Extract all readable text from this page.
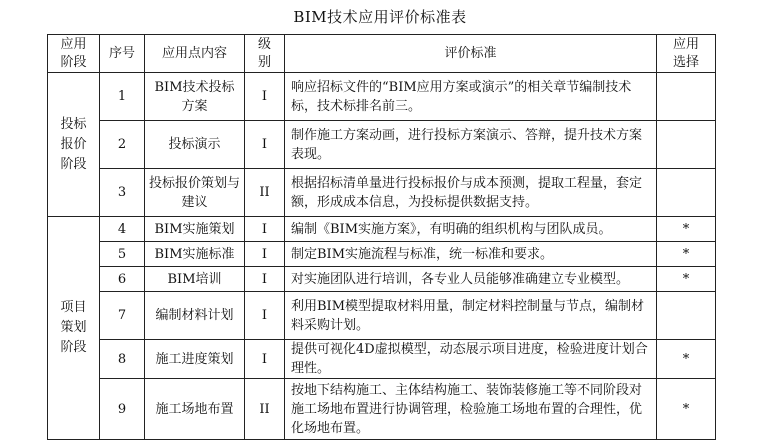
BIM技术应用评价标准表
应用阶段	序号	应用点内容	级别	评价标准	应用选择
投标报价阶段	1	BIM技术投标方案	I	响应招标文件的“BIM应用方案或演示”的相关章节编制技术标，技术标排名前三。	
	2	投标演示	I	制作施工方案动画，进行投标方案演示、答辩，提升技术方案表现。	
	3	投标报价策划与建议	II	根据招标清单量进行投标报价与成本预测，提取工程量，套定额，形成成本信息，为投标提供数据支持。	
项目策划阶段	4	BIM实施策划	I	编制《BIM实施方案》，有明确的组织机构与团队成员。	*
	5	BIM实施标准	I	制定BIM实施流程与标准，统一标准和要求。	*
	6	BIM培训	I	对实施团队进行培训，各专业人员能够准确建立专业模型。	*
	7	编制材料计划	I	利用BIM模型提取材料用量，制定材料控制量与节点，编制材料采购计划。	
	8	施工进度策划	I	提供可视化4D虚拟模型，动态展示项目进度，检验进度计划合理性。	*
	9	施工场地布置	II	按地下结构施工、主体结构施工、装饰装修施工等不同阶段对施工场地布置进行协调管理，检验施工场地布置的合理性，优化场地布置。	*
